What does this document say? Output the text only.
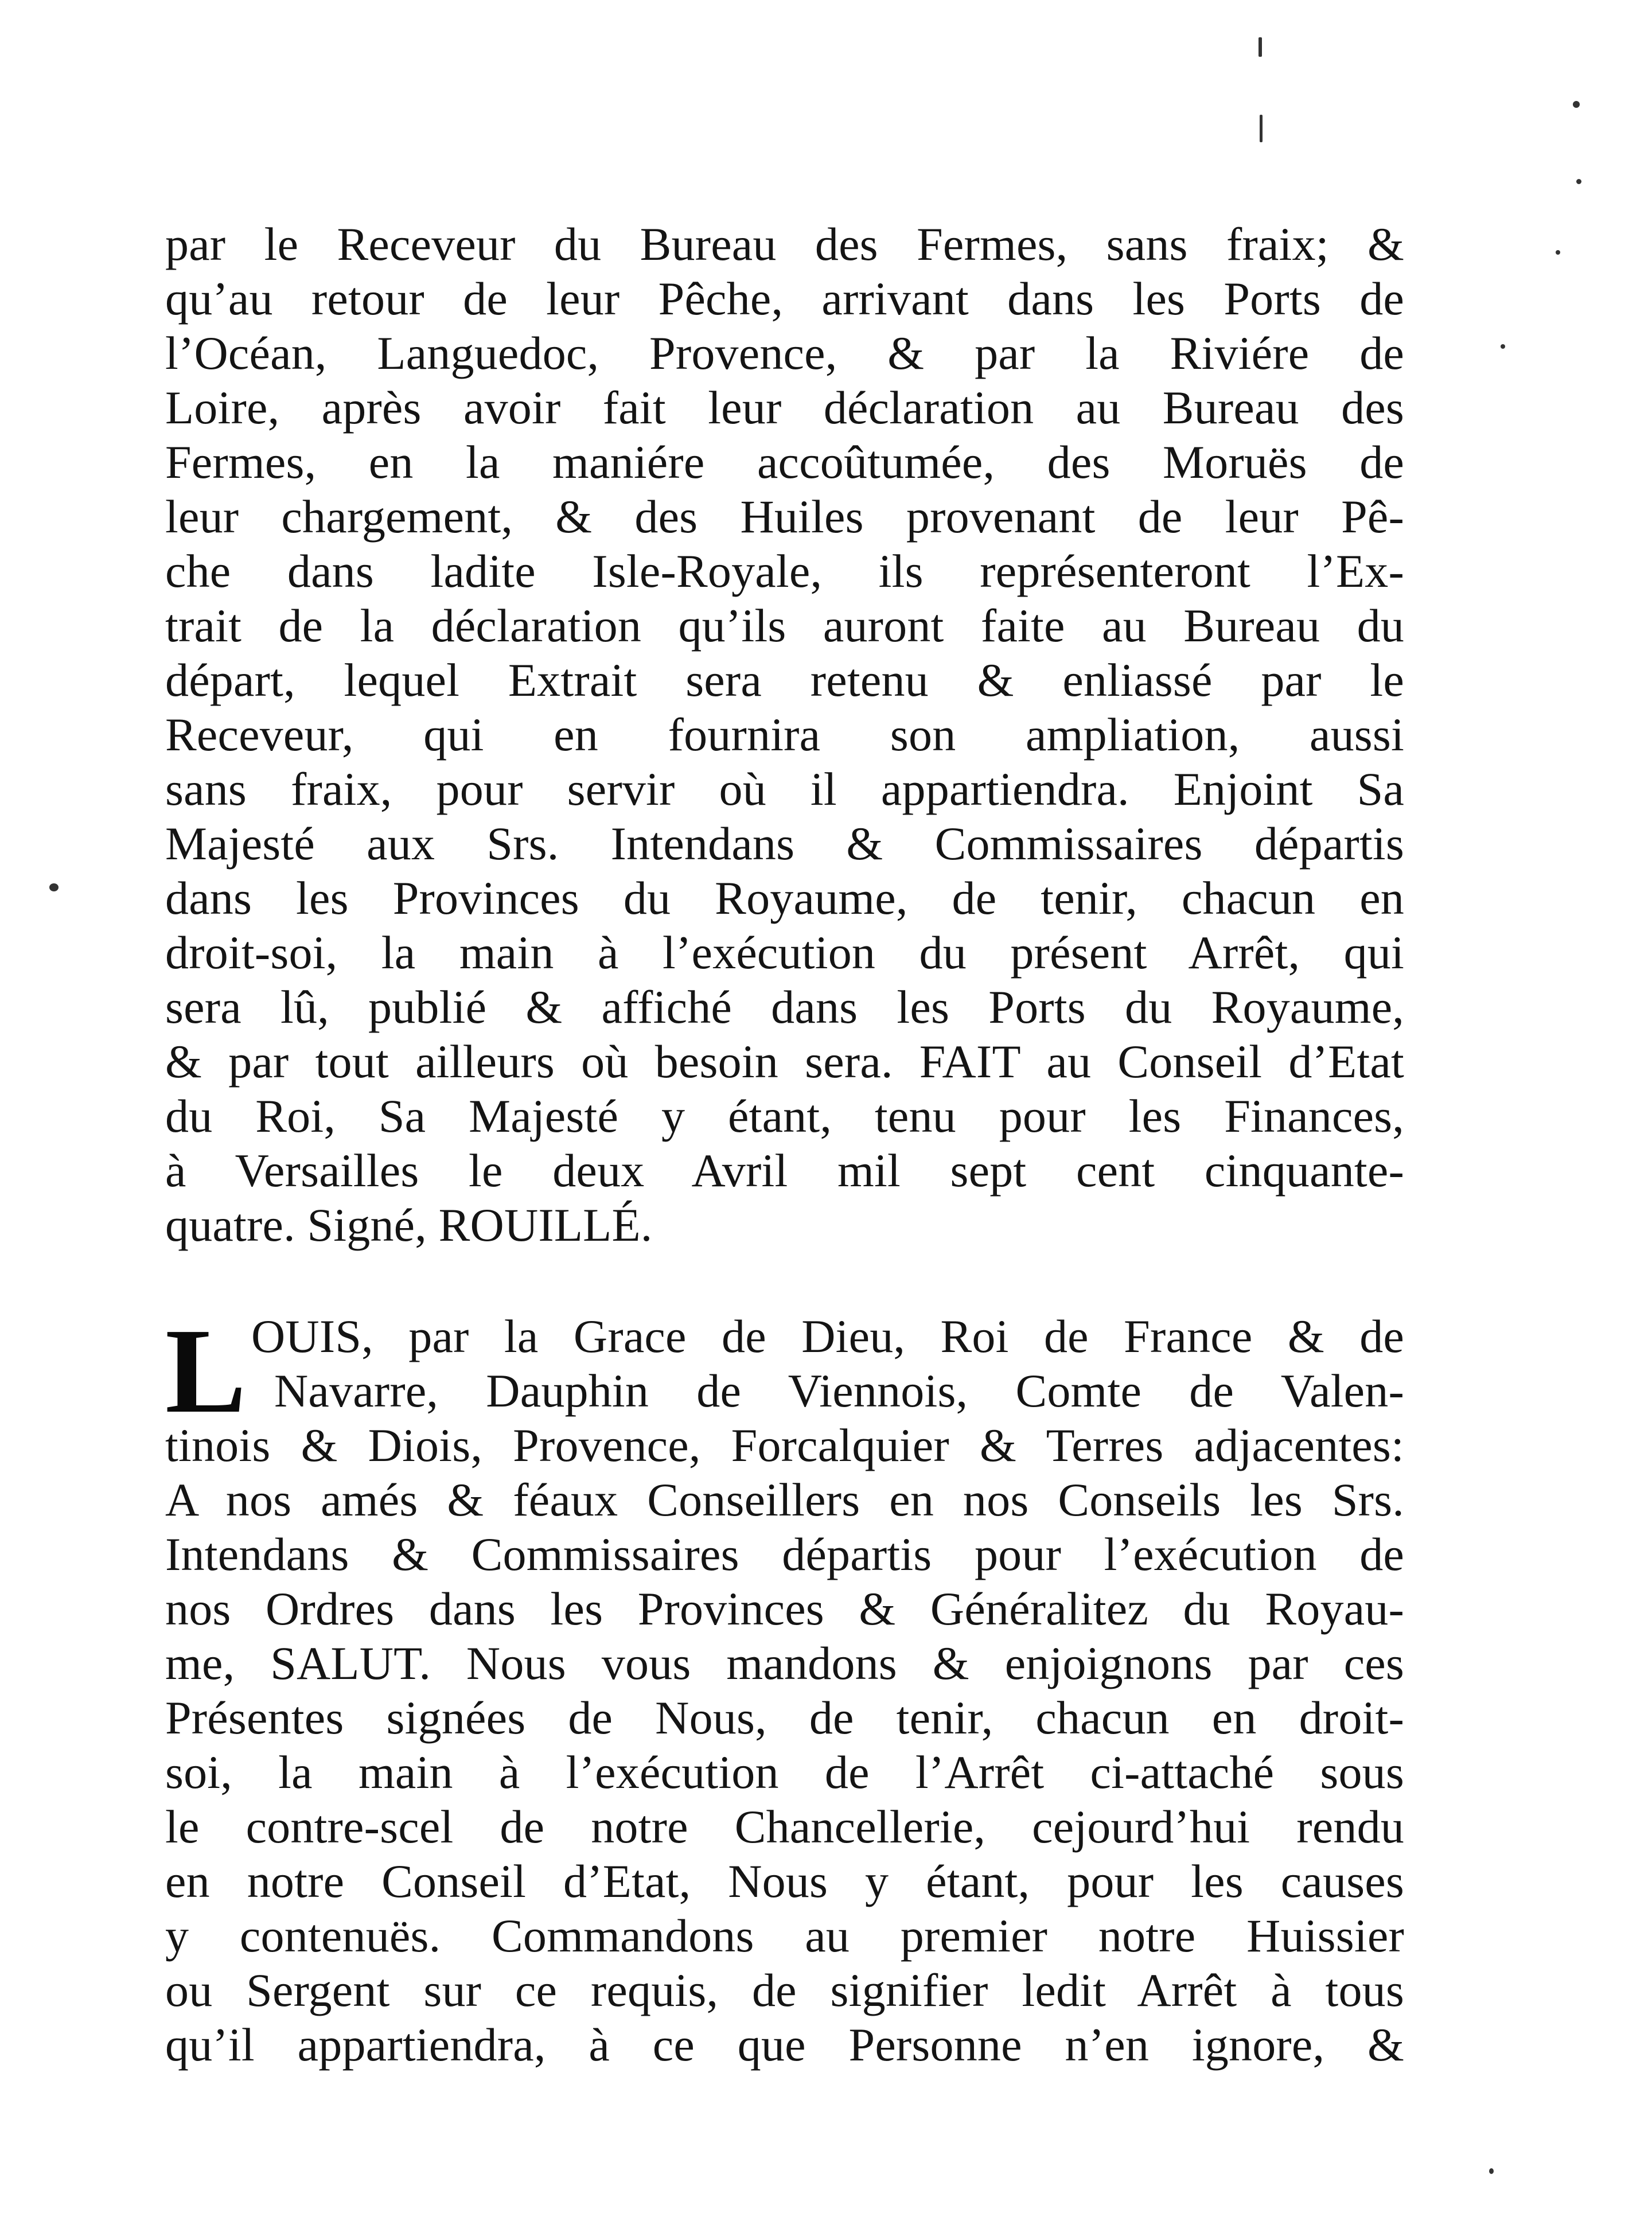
par le Receveur du Bureau des Fermes, sans fraix; &
qu’au retour de leur Pêche, arrivant dans les Ports de
l’Océan, Languedoc, Provence, & par la Riviére de
Loire, après avoir fait leur déclaration au Bureau des
Fermes, en la maniére accoûtumée, des Moruës de
leur chargement, & des Huiles provenant de leur Pê-
che dans ladite Isle-Royale, ils représenteront l’Ex-
trait de la déclaration qu’ils auront faite au Bureau du
départ, lequel Extrait sera retenu & enliassé par le
Receveur, qui en fournira son ampliation, aussi
sans fraix, pour servir où il appartiendra. Enjoint Sa
Majesté aux Srs. Intendans & Commissaires départis
dans les Provinces du Royaume, de tenir, chacun en
droit-soi, la main à l’exécution du présent Arrêt, qui
sera lû, publié & affiché dans les Ports du Royaume,
& par tout ailleurs où besoin sera. FAIT au Conseil d’Etat
du Roi, Sa Majesté y étant, tenu pour les Finances,
à Versailles le deux Avril mil sept cent cinquante-
quatre. Signé, ROUILLÉ.
L OUIS, par la Grace de Dieu, Roi de France & de
Navarre, Dauphin de Viennois, Comte de Valen-
tinois & Diois, Provence, Forcalquier & Terres adjacentes:
A nos amés & féaux Conseillers en nos Conseils les Srs.
Intendans & Commissaires départis pour l’exécution de
nos Ordres dans les Provinces & Généralitez du Royau-
me, SALUT. Nous vous mandons & enjoignons par ces
Présentes signées de Nous, de tenir, chacun en droit-
soi, la main à l’exécution de l’Arrêt ci-attaché sous
le contre-scel de notre Chancellerie, cejourd’hui rendu
en notre Conseil d’Etat, Nous y étant, pour les causes
y contenuës. Commandons au premier notre Huissier
ou Sergent sur ce requis, de signifier ledit Arrêt à tous
qu’il appartiendra, à ce que Personne n’en ignore, &
